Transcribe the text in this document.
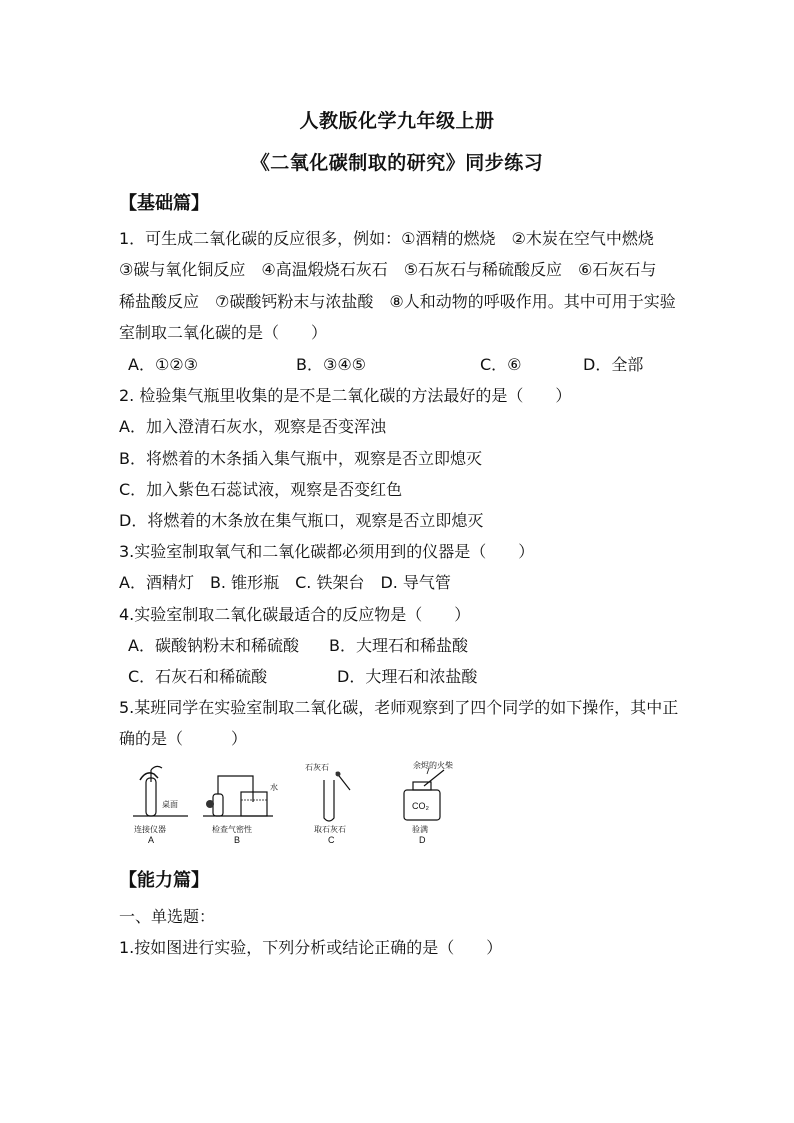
人教版化学九年级上册
《二氧化碳制取的研究》同步练习
【基础篇】
1．可生成二氧化碳的反应很多，例如：①酒精的燃烧　②木炭在空气中燃烧
③碳与氧化铜反应　④高温煅烧石灰石　⑤石灰石与稀硫酸反应　⑥石灰石与
稀盐酸反应　⑦碳酸钙粉末与浓盐酸　⑧人和动物的呼吸作用。其中可用于实验
室制取二氧化碳的是（　　）
A．①②③	B．③④⑤	C．⑥	D．全部
2. 检验集气瓶里收集的是不是二氧化碳的方法最好的是（　　）
A．加入澄清石灰水，观察是否变浑浊
B．将燃着的木条插入集气瓶中，观察是否立即熄灭
C．加入紫色石蕊试液，观察是否变红色
D．将燃着的木条放在集气瓶口，观察是否立即熄灭
3.实验室制取氧气和二氧化碳都必须用到的仪器是（　　）
A．酒精灯　B. 锥形瓶　C. 铁架台　D. 导气管
4.实验室制取二氧化碳最适合的反应物是（　　）
A．碳酸钠粉末和稀硫酸 B．大理石和稀盐酸
C．石灰石和稀硫酸	D．大理石和浓盐酸
5.某班同学在实验室制取二氧化碳，老师观察到了四个同学的如下操作，其中正
确的是（　　　）
桌面
连接仪器
A
水
检查气密性
B
石灰石
取石灰石
C
余烬的火柴
CO₂
验满
D
【能力篇】
一、单选题：
1.按如图进行实验，下列分析或结论正确的是（　　）
